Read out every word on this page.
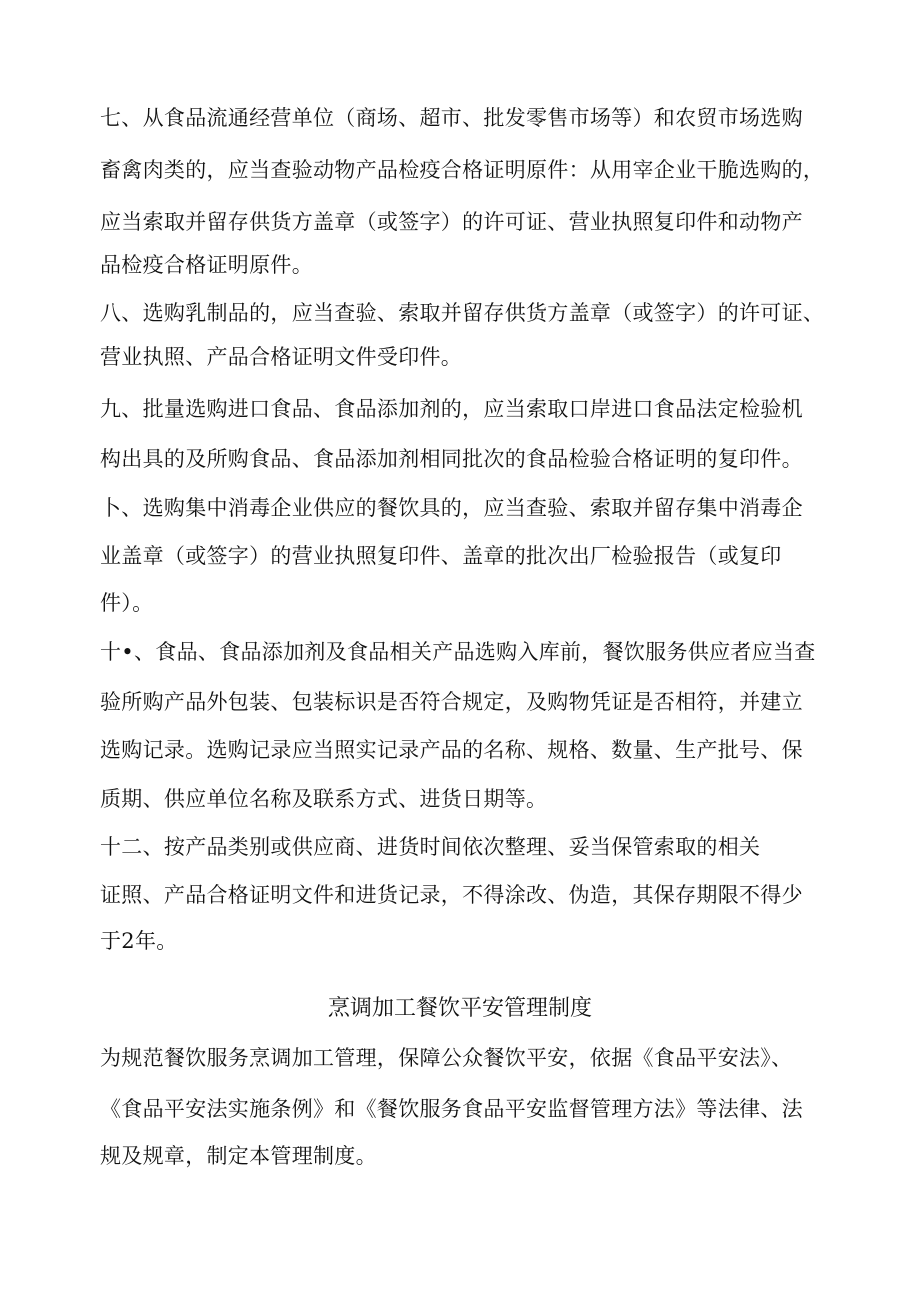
七、从食品流通经营单位（商场、超市、批发零售市场等）和农贸市场选购
畜禽肉类的，应当查验动物产品检疫合格证明原件：从用宰企业干脆选购的，
应当索取并留存供货方盖章（或签字）的许可证、营业执照复印件和动物产
品检疫合格证明原件。
八、选购乳制品的，应当查验、索取并留存供货方盖章（或签字）的许可证、
营业执照、产品合格证明文件受印件。
九、批量选购进口食品、食品添加剂的，应当索取口岸进口食品法定检验机
构出具的及所购食品、食品添加剂相同批次的食品检验合格证明的复印件。
卜、选购集中消毒企业供应的餐饮具的，应当查验、索取并留存集中消毒企
业盖章（或签字）的营业执照复印件、盖章的批次出厂检验报告（或复印
件）。
十•、食品、食品添加剂及食品相关产品选购入库前，餐饮服务供应者应当查
验所购产品外包装、包装标识是否符合规定，及购物凭证是否相符，并建立
选购记录。选购记录应当照实记录产品的名称、规格、数量、生产批号、保
质期、供应单位名称及联系方式、进货日期等。
十二、按产品类别或供应商、进货时间依次整理、妥当保管索取的相关
证照、产品合格证明文件和进货记录，不得涂改、伪造，其保存期限不得少
于2年。
烹调加工餐饮平安管理制度
为规范餐饮服务烹调加工管理，保障公众餐饮平安，依据《食品平安法》、
《食品平安法实施条例》和《餐饮服务食品平安监督管理方法》等法律、法
规及规章，制定本管理制度。
